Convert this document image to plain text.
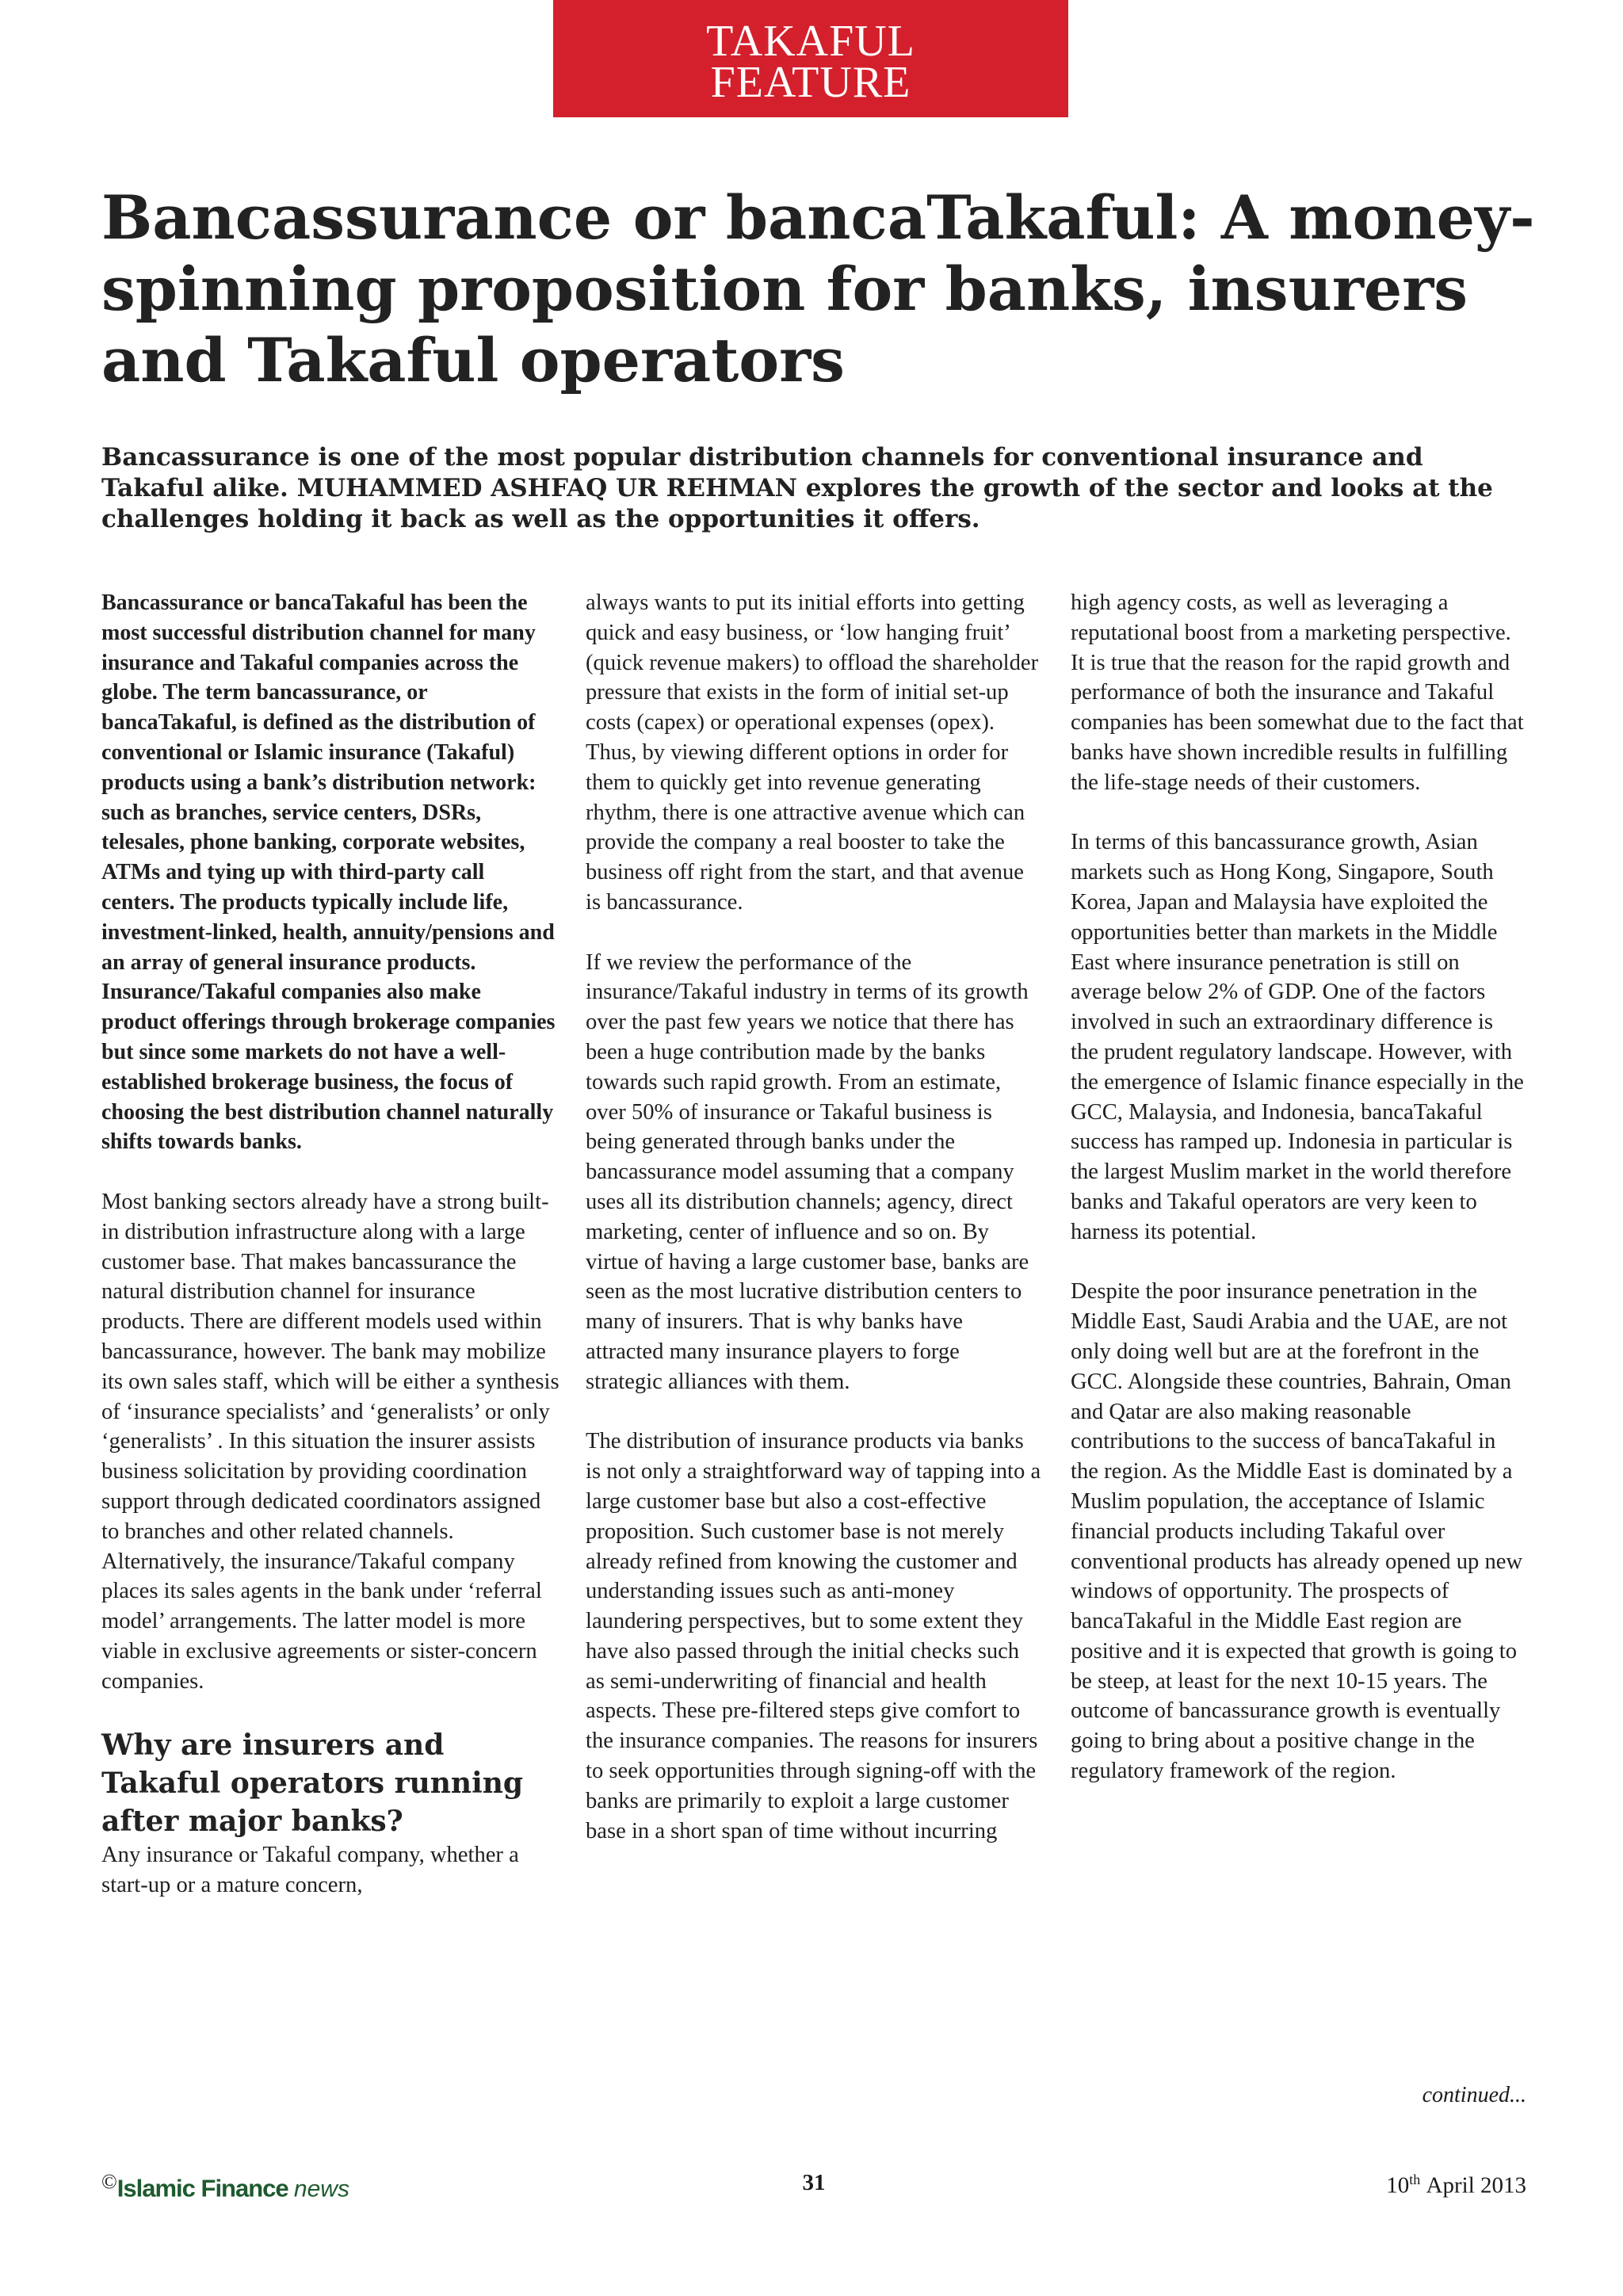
TAKAFUL
FEATURE
Bancassurance or bancaTakaful: A money-spinning proposition for banks, insurers and Takaful operators

Bancassurance is one of the most popular distribution channels for conventional insurance and Takaful alike. MUHAMMED ASHFAQ UR REHMAN explores the growth of the sector and looks at the challenges holding it back as well as the opportunities it offers.

Bancassurance or bancaTakaful has been the most successful distribution channel for many insurance and Takaful companies across the globe. The term bancassurance, or bancaTakaful, is defined as the distribution of conventional or Islamic insurance (Takaful) products using a bank’s distribution network: such as branches, service centers, DSRs, telesales, phone banking, corporate websites, ATMs and tying up with third-party call centers. The products typically include life, investment-linked, health, annuity/pensions and an array of general insurance products. Insurance/Takaful companies also make product offerings through brokerage companies but since some markets do not have a well-established brokerage business, the focus of choosing the best distribution channel naturally shifts towards banks.

Most banking sectors already have a strong built-in distribution infrastructure along with a large customer base. That makes bancassurance the natural distribution channel for insurance products. There are different models used within bancassurance, however. The bank may mobilize its own sales staff, which will be either a synthesis of ‘insurance specialists’ and ‘generalists’ or only ‘generalists’ . In this situation the insurer assists business solicitation by providing coordination support through dedicated coordinators assigned to branches and other related channels. Alternatively, the insurance/Takaful company places its sales agents in the bank under ‘referral model’ arrangements. The latter model is more viable in exclusive agreements or sister-concern companies.

Why are insurers and Takaful operators running after major banks?

Any insurance or Takaful company, whether a start-up or a mature concern,

always wants to put its initial efforts into getting quick and easy business, or ‘low hanging fruit’ (quick revenue makers) to offload the shareholder pressure that exists in the form of initial set-up costs (capex) or operational expenses (opex). Thus, by viewing different options in order for them to quickly get into revenue generating rhythm, there is one attractive avenue which can provide the company a real booster to take the business off right from the start, and that avenue is bancassurance.

If we review the performance of the insurance/Takaful industry in terms of its growth over the past few years we notice that there has been a huge contribution made by the banks towards such rapid growth. From an estimate, over 50% of insurance or Takaful business is being generated through banks under the bancassurance model assuming that a company uses all its distribution channels; agency, direct marketing, center of influence and so on. By virtue of having a large customer base, banks are seen as the most lucrative distribution centers to many of insurers. That is why banks have attracted many insurance players to forge strategic alliances with them.

The distribution of insurance products via banks is not only a straightforward way of tapping into a large customer base but also a cost-effective proposition. Such customer base is not merely already refined from knowing the customer and understanding issues such as anti-money laundering perspectives, but to some extent they have also passed through the initial checks such as semi-underwriting of financial and health aspects. These pre-filtered steps give comfort to the insurance companies. The reasons for insurers to seek opportunities through signing-off with the banks are primarily to exploit a large customer base in a short span of time without incurring

high agency costs, as well as leveraging a reputational boost from a marketing perspective. It is true that the reason for the rapid growth and performance of both the insurance and Takaful companies has been somewhat due to the fact that banks have shown incredible results in fulfilling the life-stage needs of their customers.

In terms of this bancassurance growth, Asian markets such as Hong Kong, Singapore, South Korea, Japan and Malaysia have exploited the opportunities better than markets in the Middle East where insurance penetration is still on average below 2% of GDP. One of the factors involved in such an extraordinary difference is the prudent regulatory landscape. However, with the emergence of Islamic finance especially in the GCC, Malaysia, and Indonesia, bancaTakaful success has ramped up. Indonesia in particular is the largest Muslim market in the world therefore banks and Takaful operators are very keen to harness its potential.

Despite the poor insurance penetration in the Middle East, Saudi Arabia and the UAE, are not only doing well but are at the forefront in the GCC. Alongside these countries, Bahrain, Oman and Qatar are also making reasonable contributions to the success of bancaTakaful in the region. As the Middle East is dominated by a Muslim population, the acceptance of Islamic financial products including Takaful over conventional products has already opened up new windows of opportunity. The prospects of bancaTakaful in the Middle East region are positive and it is expected that growth is going to be steep, at least for the next 10-15 years. The outcome of bancassurance growth is eventually going to bring about a positive change in the regulatory framework of the region.

continued...
©Islamic Finance news	31	10th April 2013
